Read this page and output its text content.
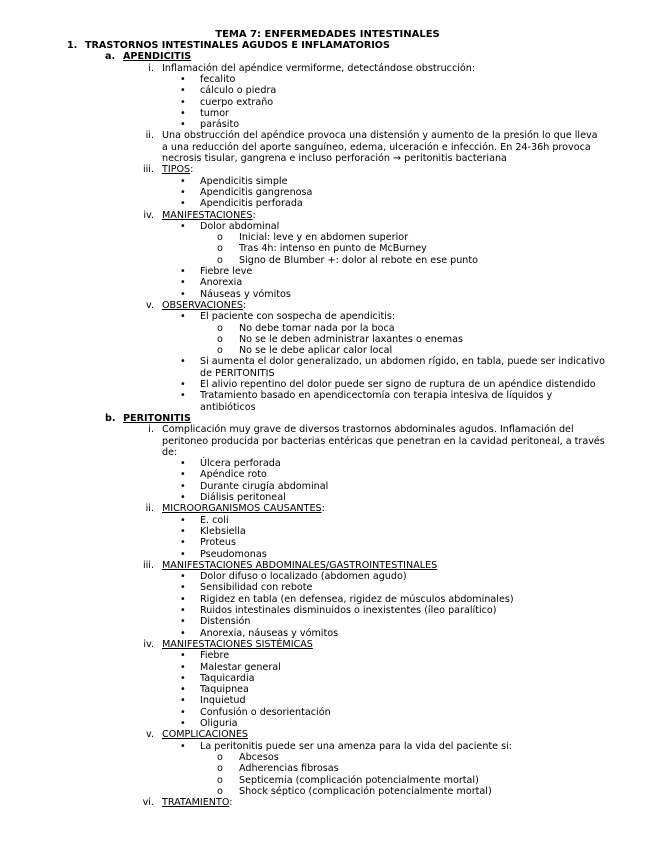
TEMA 7: ENFERMEDADES INTESTINALES
1. TRASTORNOS INTESTINALES AGUDOS E INFLAMATORIOS
a. APENDICITIS
i. Inflamación del apéndice vermiforme, detectándose obstrucción:
• fecalito
• cálculo o piedra
• cuerpo extraño
• tumor
• parásito
ii. Una obstrucción del apéndice provoca una distensión y aumento de la presión lo que lleva
a una reducción del aporte sanguíneo, edema, ulceración e infección. En 24-36h provoca
necrosis tisular, gangrena e incluso perforación → peritonitis bacteriana
iii. TIPOS:
• Apendicitis simple
• Apendicitis gangrenosa
• Apendicitis perforada
iv. MANIFESTACIONES:
• Dolor abdominal
o Inicial: leve y en abdomen superior
o Tras 4h: intenso en punto de McBurney
o Signo de Blumber +: dolor al rebote en ese punto
• Fiebre leve
• Anorexia
• Náuseas y vómitos
v. OBSERVACIONES:
• El paciente con sospecha de apendicitis:
o No debe tomar nada por la boca
o No se le deben administrar laxantes o enemas
o No se le debe aplicar calor local
• Si aumenta el dolor generalizado, un abdomen rígido, en tabla, puede ser indicativo
de PERITONITIS
• El alivio repentino del dolor puede ser signo de ruptura de un apéndice distendido
• Tratamiento basado en apendicectomía con terapia intesiva de líquidos y
antibióticos
b. PERITONITIS
i. Complicación muy grave de diversos trastornos abdominales agudos. Inflamación del
peritoneo producida por bacterias entéricas que penetran en la cavidad peritoneal, a través
de:
• Úlcera perforada
• Apéndice roto
• Durante cirugía abdominal
• Diálisis peritoneal
ii. MICROORGANISMOS CAUSANTES:
• E. coli
• Klebsiella
• Proteus
• Pseudomonas
iii. MANIFESTACIONES ABDOMINALES/GASTROINTESTINALES
• Dolor difuso o localizado (abdomen agudo)
• Sensibilidad con rebote
• Rigidez en tabla (en defensea, rigidez de músculos abdominales)
• Ruidos intestinales disminuidos o inexistentes (íleo paralítico)
• Distensión
• Anorexia, náuseas y vómitos
iv. MANIFESTACIONES SISTÉMICAS
• Fiebre
• Malestar general
• Taquicardia
• Taquipnea
• Inquietud
• Confusión o desorientación
• Oliguria
v. COMPLICACIONES
• La peritonitis puede ser una amenza para la vida del paciente si:
o Abcesos
o Adherencias fibrosas
o Septicemia (complicación potencialmente mortal)
o Shock séptico (complicación potencialmente mortal)
vi. TRATAMIENTO:
